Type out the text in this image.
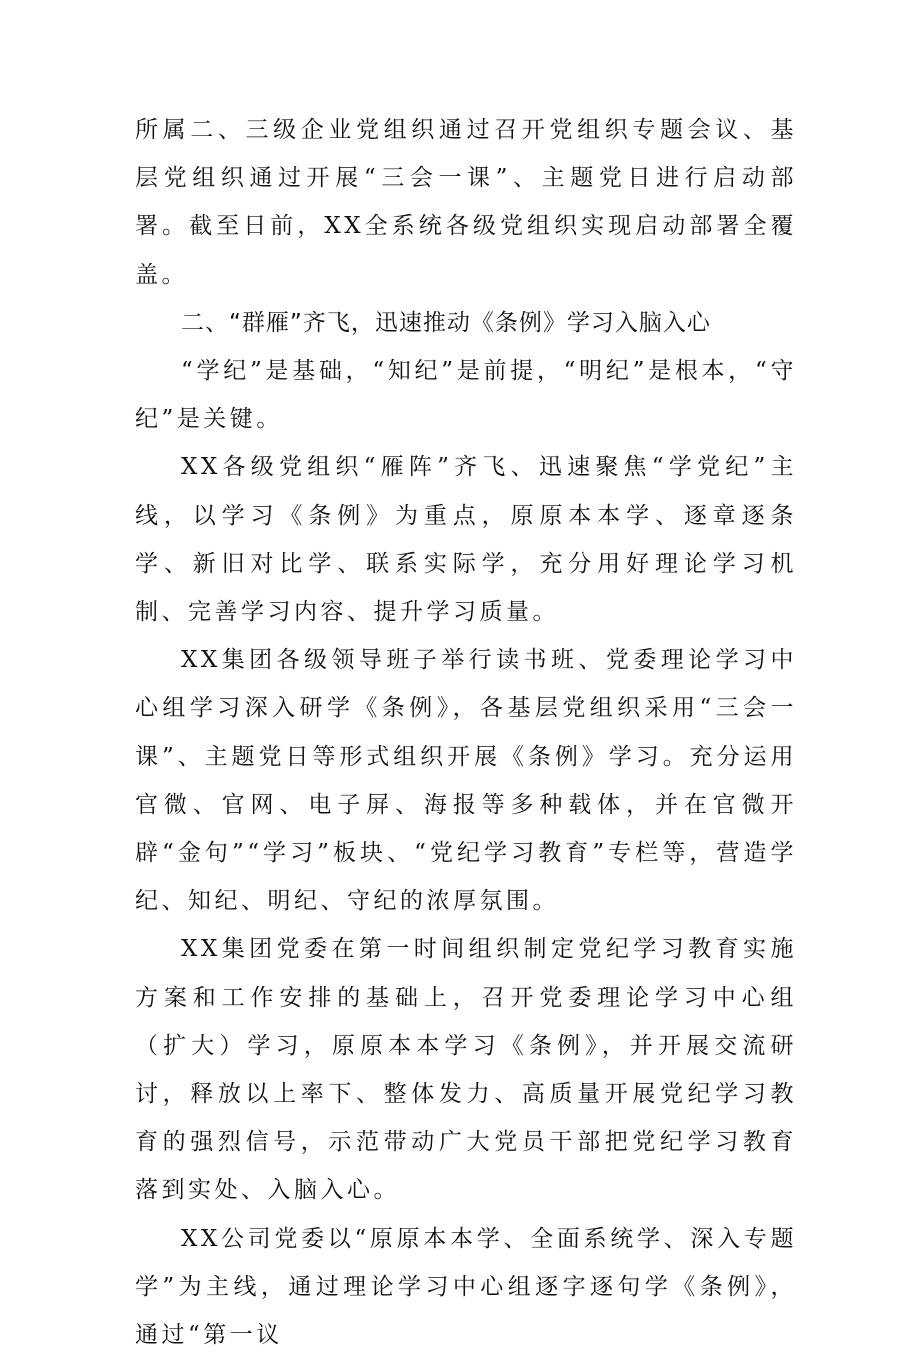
所属二、三级企业党组织通过召开党组织专题会议、基层党组织通过开展“三会一课”、主题党日进行启动部署。截至日前，XX全系统各级党组织实现启动部署全覆盖。

二、“群雁”齐飞，迅速推动《条例》学习入脑入心

“学纪”是基础，“知纪”是前提，“明纪”是根本，“守纪”是关键。

XX各级党组织“雁阵”齐飞、迅速聚焦“学党纪”主线，以学习《条例》为重点，原原本本学、逐章逐条学、新旧对比学、联系实际学，充分用好理论学习机制、完善学习内容、提升学习质量。

XX集团各级领导班子举行读书班、党委理论学习中心组学习深入研学《条例》，各基层党组织采用“三会一课”、主题党日等形式组织开展《条例》学习。充分运用官微、官网、电子屏、海报等多种载体，并在官微开辟“金句”“学习”板块、“党纪学习教育”专栏等，营造学纪、知纪、明纪、守纪的浓厚氛围。

XX集团党委在第一时间组织制定党纪学习教育实施方案和工作安排的基础上，召开党委理论学习中心组（扩大）学习，原原本本学习《条例》，并开展交流研讨，释放以上率下、整体发力、高质量开展党纪学习教育的强烈信号，示范带动广大党员干部把党纪学习教育落到实处、入脑入心。

XX公司党委以“原原本本学、全面系统学、深入专题学”为主线，通过理论学习中心组逐字逐句学《条例》，通过“第一议
